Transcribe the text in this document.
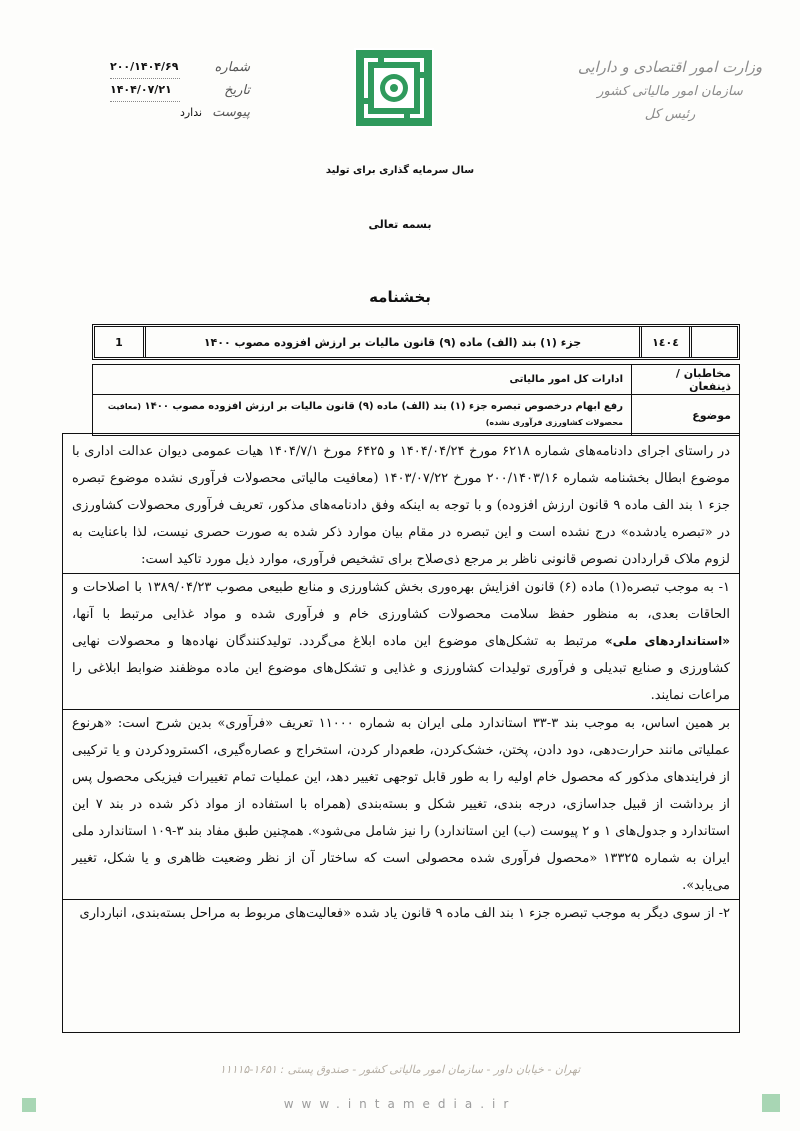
شماره
۲۰۰/۱۴۰۴/۶۹
تاریخ
۱۴۰۴/۰۷/۲۱
پیوست
ندارد
وزارت امور اقتصادی و دارایی
سازمان امور مالیاتی کشور
رئیس کل
سال سرمایه گذاری برای تولید
بسمه تعالی
بخشنامه
۱٤۰٤
جزء (۱) بند (الف) ماده (۹) قانون مالیات بر ارزش افزوده مصوب ۱۴۰۰
1
مخاطبان / ذینفعان
ادارات کل امور مالیاتی
موضوع
رفع ابهام درخصوص تبصره جزء (۱) بند (الف) ماده (۹) قانون مالیات بر ارزش افزوده مصوب ۱۴۰۰ (معافیت محصولات کشاورزی فرآوری نشده)

در راستای اجرای دادنامه‌های شماره ۶۲۱۸ مورخ ۱۴۰۴/۰۴/۲۴ و ۶۴۲۵ مورخ ۱۴۰۴/۷/۱ هیات عمومی دیوان عدالت اداری با موضوع ابطال بخشنامه شماره ۲۰۰/۱۴۰۳/۱۶ مورخ ۱۴۰۳/۰۷/۲۲ (معافیت مالیاتی محصولات فرآوری نشده موضوع تبصره جزء ۱ بند الف ماده ۹ قانون ارزش افزوده) و با توجه به اینکه وفق دادنامه‌های مذکور، تعریف فرآوری محصولات کشاورزی در «تبصره یادشده» درج نشده است و این تبصره در مقام بیان موارد ذکر شده به صورت حصری نیست، لذا باعنایت به لزوم ملاک قراردادن نصوص قانونی ناظر بر مرجع ذی‌صلاح برای تشخیص فرآوری، موارد ذیل مورد تاکید است:

۱- به موجب تبصره(۱) ماده (۶) قانون افزایش بهره‌وری بخش کشاورزی و منابع طبیعی مصوب ۱۳۸۹/۰۴/۲۳ با اصلاحات و الحاقات بعدی، به منظور حفظ سلامت محصولات کشاورزی خام و فرآوری شده و مواد غذایی مرتبط با آنها، «استانداردهای ملی» مرتبط به تشکل‌های موضوع این ماده ابلاغ می‌گردد. تولیدکنندگان نهاده‌ها و محصولات نهایی کشاورزی و صنایع تبدیلی و فرآوری تولیدات کشاورزی و غذایی و تشکل‌های موضوع این ماده موظفند ضوابط ابلاغی را مراعات نمایند.

بر همین اساس، به موجب بند ۳-۳۳ استاندارد ملی ایران به شماره ۱۱۰۰۰ تعریف «فرآوری» بدین شرح است: «هرنوع عملیاتی مانند حرارت‌دهی، دود دادن، پختن، خشک‌کردن، طعم‌دار کردن، استخراج و عصاره‌گیری، اکسترودکردن و یا ترکیبی از فرایندهای مذکور که محصول خام اولیه را به طور قابل توجهی تغییر دهد، این عملیات تمام تغییرات فیزیکی محصول پس از برداشت از قبیل جداسازی، درجه بندی، تغییر شکل و بسته‌بندی (همراه با استفاده از مواد ذکر شده در بند ۷ این استاندارد و جدول‌های ۱ و ۲ پیوست (ب) این استاندارد) را نیز شامل می‌شود». همچنین طبق مفاد بند ۳-۱۰۹ استاندارد ملی ایران به شماره ۱۳۳۲۵ «محصول فرآوری شده محصولی است که ساختار آن از نظر وضعیت ظاهری و یا شکل، تغییر می‌یابد».

۲- از سوی دیگر به موجب تبصره جزء ۱ بند الف ماده ۹ قانون یاد شده «فعالیت‌های مربوط به مراحل بسته‌بندی، انبارداری

تهران - خیابان داور - سازمان امور مالیاتی کشور - صندوق پستی : ۱۶۵۱-۱۱۱۱۵
www.intamedia.ir
